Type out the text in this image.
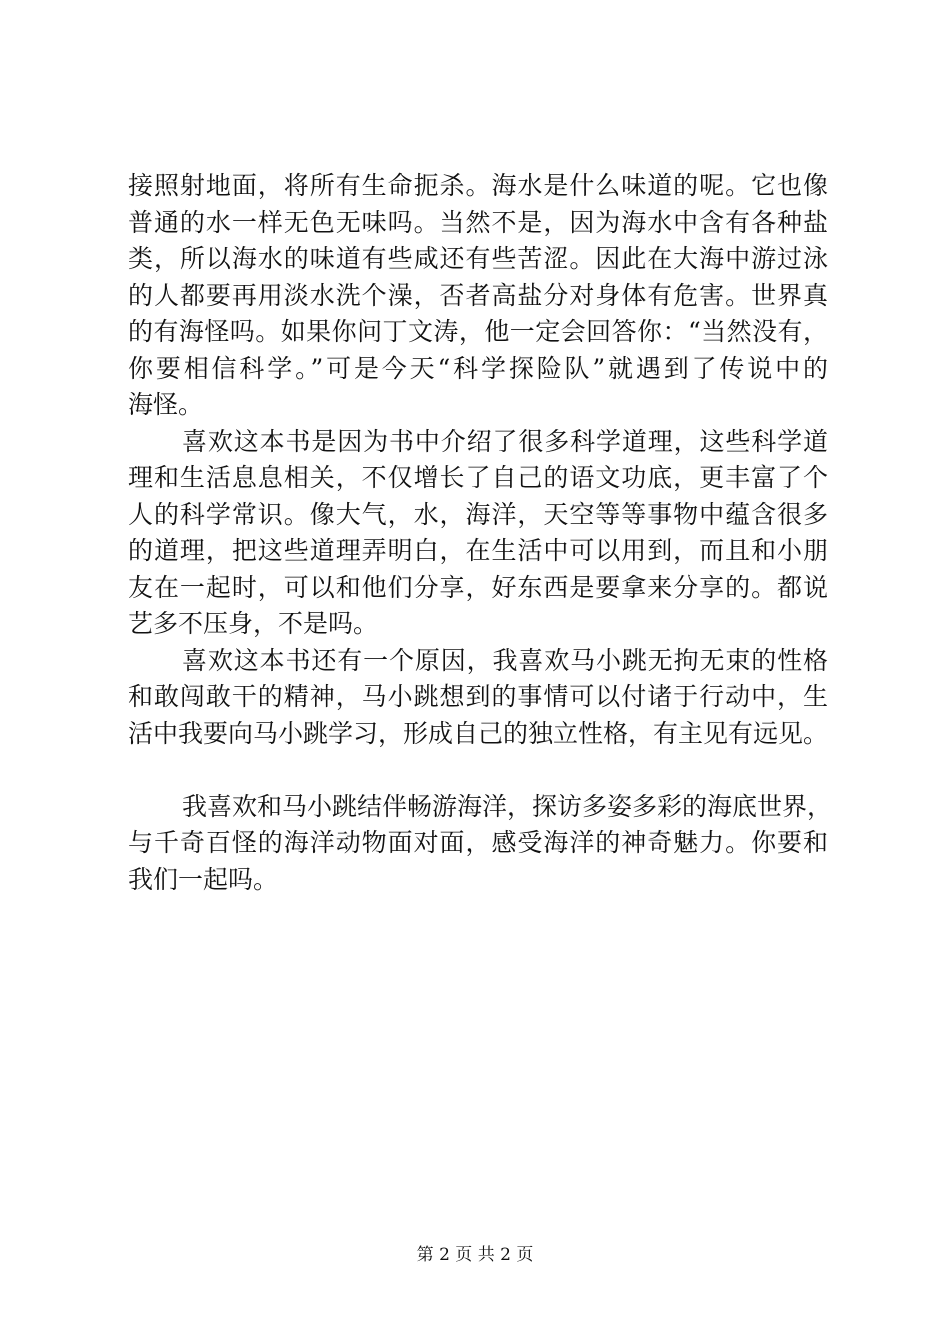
接照射地面，将所有生命扼杀。海水是什么味道的呢。它也像
普通的水一样无色无味吗。当然不是，因为海水中含有各种盐
类，所以海水的味道有些咸还有些苦涩。因此在大海中游过泳
的人都要再用淡水洗个澡，否者高盐分对身体有危害。世界真
的有海怪吗。如果你问丁文涛，他一定会回答你：“当然没有，
你要相信科学。”可是今天“科学探险队”就遇到了传说中的
海怪。
喜欢这本书是因为书中介绍了很多科学道理，这些科学道
理和生活息息相关，不仅增长了自己的语文功底，更丰富了个
人的科学常识。像大气，水，海洋，天空等等事物中蕴含很多
的道理，把这些道理弄明白，在生活中可以用到，而且和小朋
友在一起时，可以和他们分享，好东西是要拿来分享的。都说
艺多不压身，不是吗。
喜欢这本书还有一个原因，我喜欢马小跳无拘无束的性格
和敢闯敢干的精神，马小跳想到的事情可以付诸于行动中，生
活中我要向马小跳学习，形成自己的独立性格，有主见有远见。
我喜欢和马小跳结伴畅游海洋，探访多姿多彩的海底世界，
与千奇百怪的海洋动物面对面，感受海洋的神奇魅力。你要和
我们一起吗。
第 2 页 共 2 页
